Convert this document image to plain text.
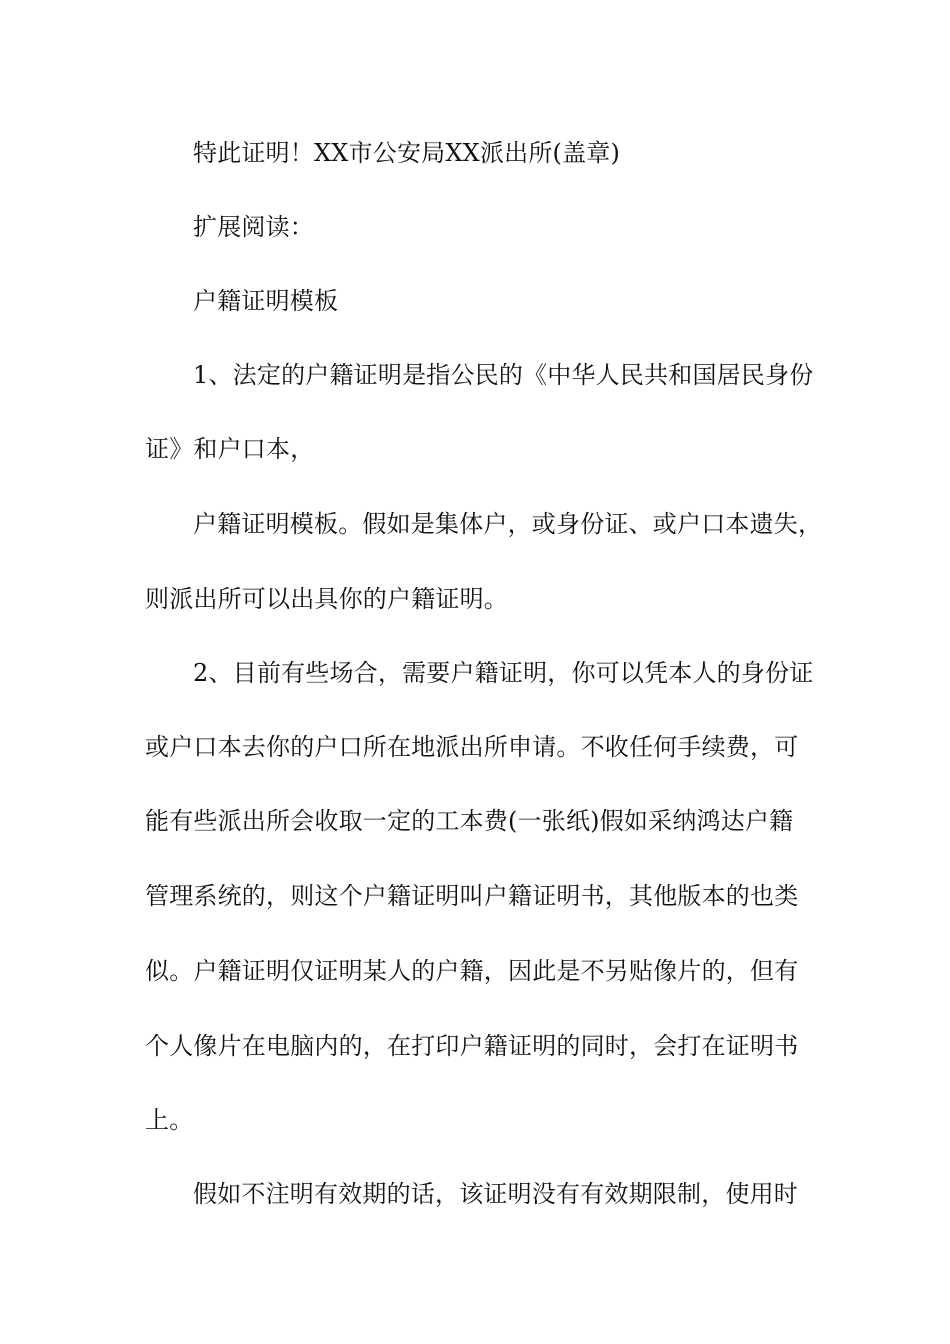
特此证明！XX市公安局XX派出所(盖章)
扩展阅读：
户籍证明模板
1、法定的户籍证明是指公民的《中华人民共和国居民身份
证》和户口本，
户籍证明模板。假如是集体户，或身份证、或户口本遗失，
则派出所可以出具你的户籍证明。
2、目前有些场合，需要户籍证明，你可以凭本人的身份证
或户口本去你的户口所在地派出所申请。不收任何手续费，可
能有些派出所会收取一定的工本费(一张纸)假如采纳鸿达户籍
管理系统的，则这个户籍证明叫户籍证明书，其他版本的也类
似。户籍证明仅证明某人的户籍，因此是不另贴像片的，但有
个人像片在电脑内的，在打印户籍证明的同时，会打在证明书
上。
假如不注明有效期的话，该证明没有有效期限制，使用时
